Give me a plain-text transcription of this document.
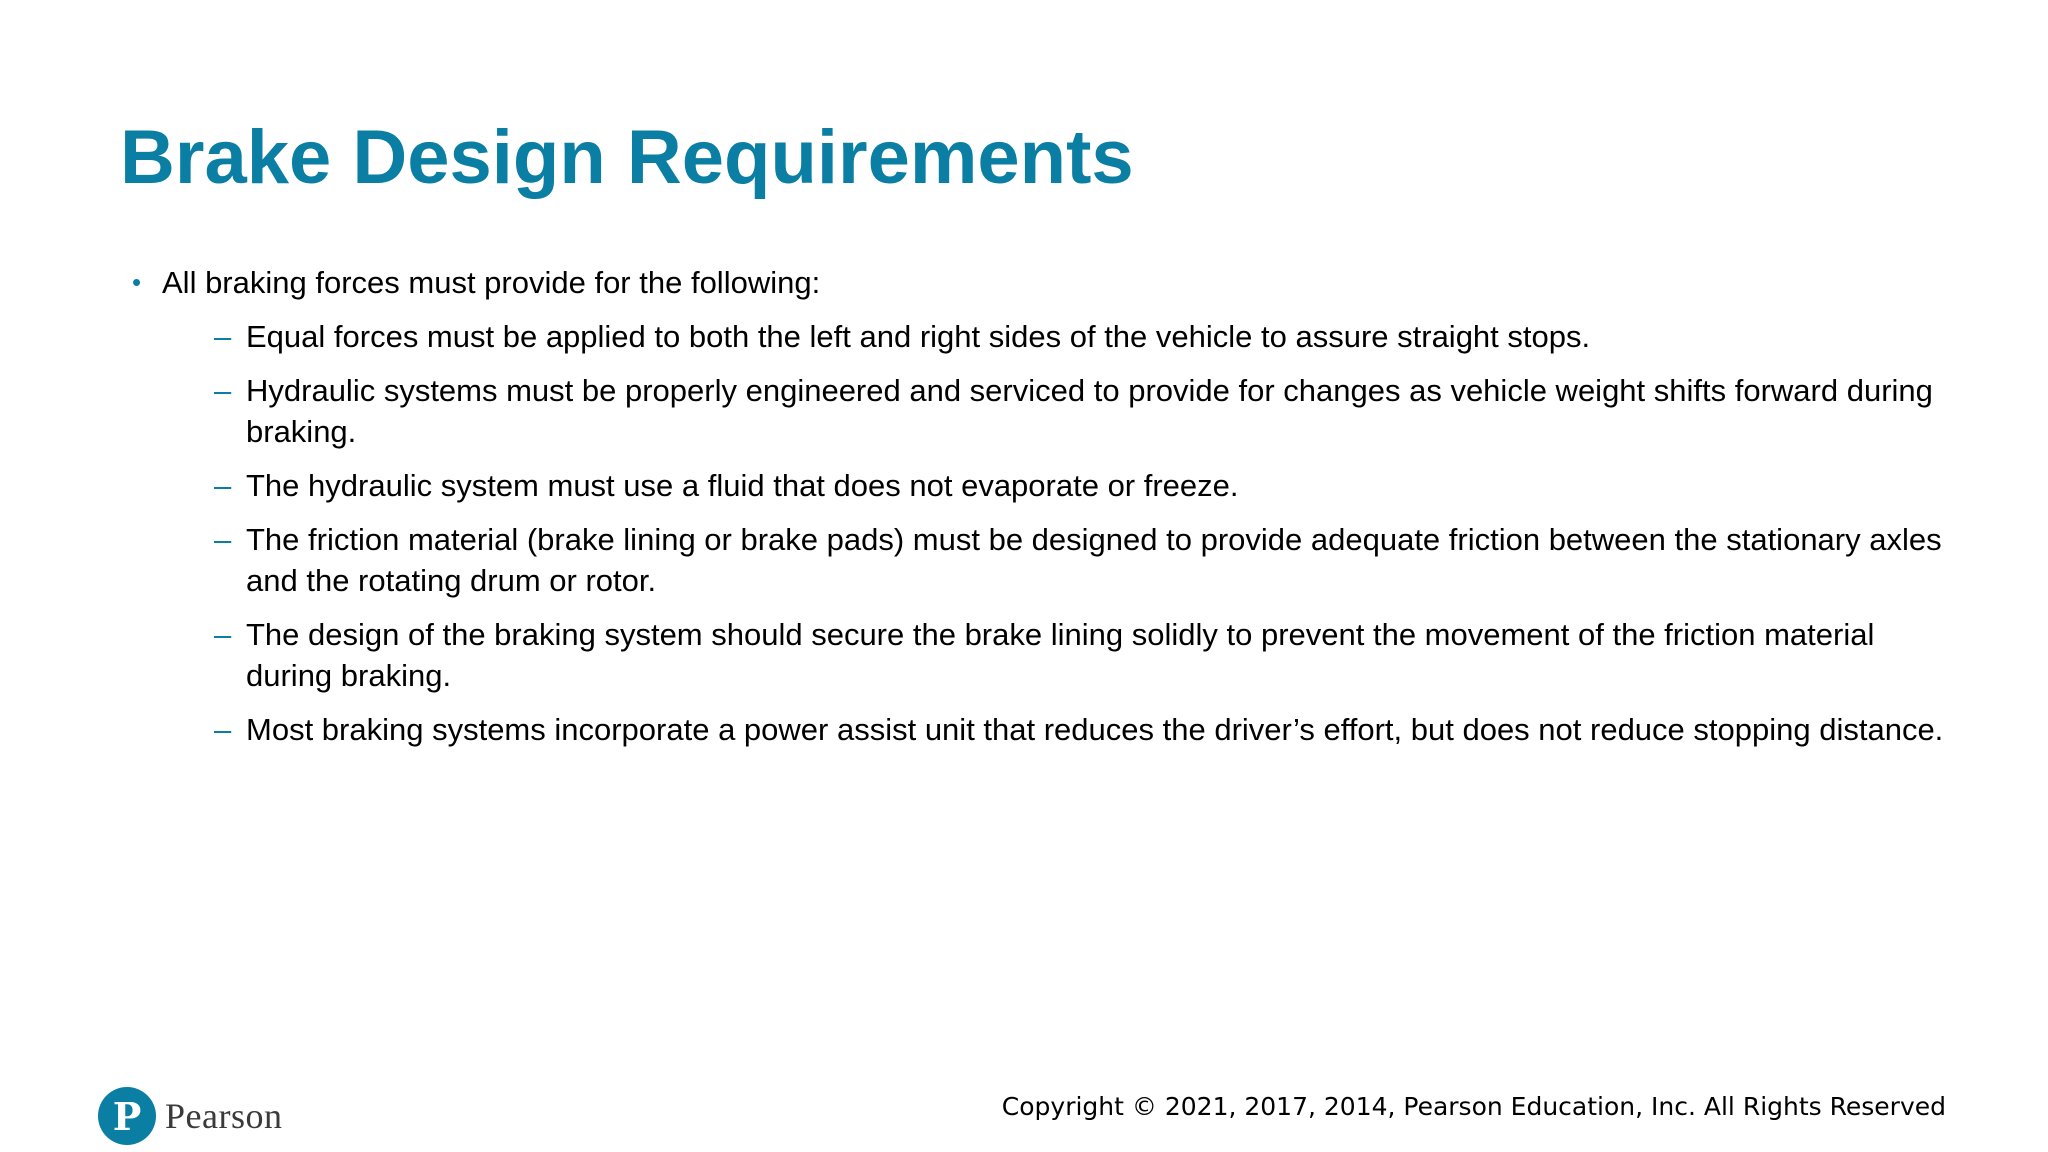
Brake Design Requirements
• All braking forces must provide for the following:
– Equal forces must be applied to both the left and right sides of the vehicle to assure straight stops.
– Hydraulic systems must be properly engineered and serviced to provide for changes as vehicle weight shifts forward during braking.
– The hydraulic system must use a fluid that does not evaporate or freeze.
– The friction material (brake lining or brake pads) must be designed to provide adequate friction between the stationary axles and the rotating drum or rotor.
– The design of the braking system should secure the brake lining solidly to prevent the movement of the friction material during braking.
– Most braking systems incorporate a power assist unit that reduces the driver’s effort, but does not reduce stopping distance.
P Pearson	Copyright © 2021, 2017, 2014, Pearson Education, Inc. All Rights Reserved
